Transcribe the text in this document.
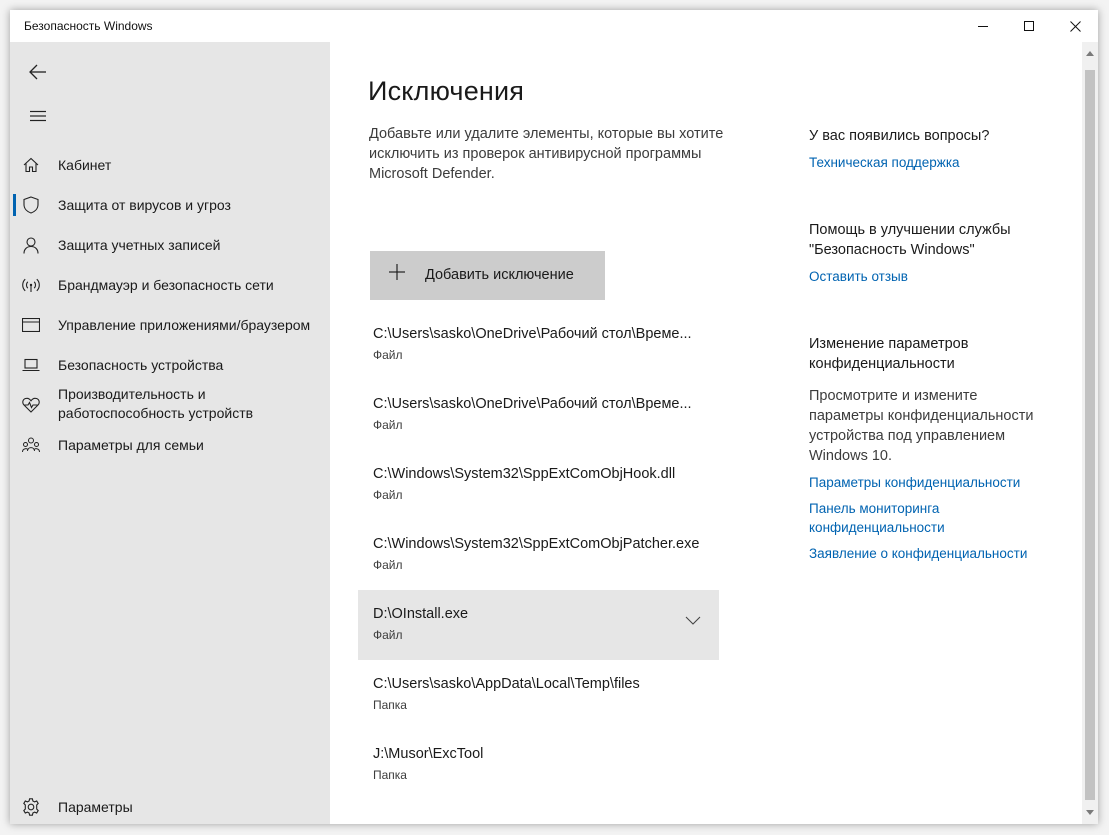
Безопасность Windows
Кабинет
Защита от вирусов и угроз
Защита учетных записей
Брандмауэр и безопасность сети
Управление приложениями/браузером
Безопасность устройства
Производительность и работоспособность устройств
Параметры для семьи
Параметры
Исключения
Добавьте или удалите элементы, которые вы хотите исключить из проверок антивирусной программы Microsoft Defender.
Добавить исключение
C:\Users\sasko\OneDrive\Рабочий стол\Време...
Файл
C:\Users\sasko\OneDrive\Рабочий стол\Време...
Файл
C:\Windows\System32\SppExtComObjHook.dll
Файл
C:\Windows\System32\SppExtComObjPatcher.exe
Файл
D:\OInstall.exe
Файл
C:\Users\sasko\AppData\Local\Temp\files
Папка
J:\Musor\ExcTool
Папка
У вас появились вопросы?
Техническая поддержка
Помощь в улучшении службы "Безопасность Windows"
Оставить отзыв
Изменение параметров конфиденциальности
Просмотрите и измените параметры конфиденциальности устройства под управлением Windows 10.
Параметры конфиденциальности
Панель мониторинга конфиденциальности
Заявление о конфиденциальности
